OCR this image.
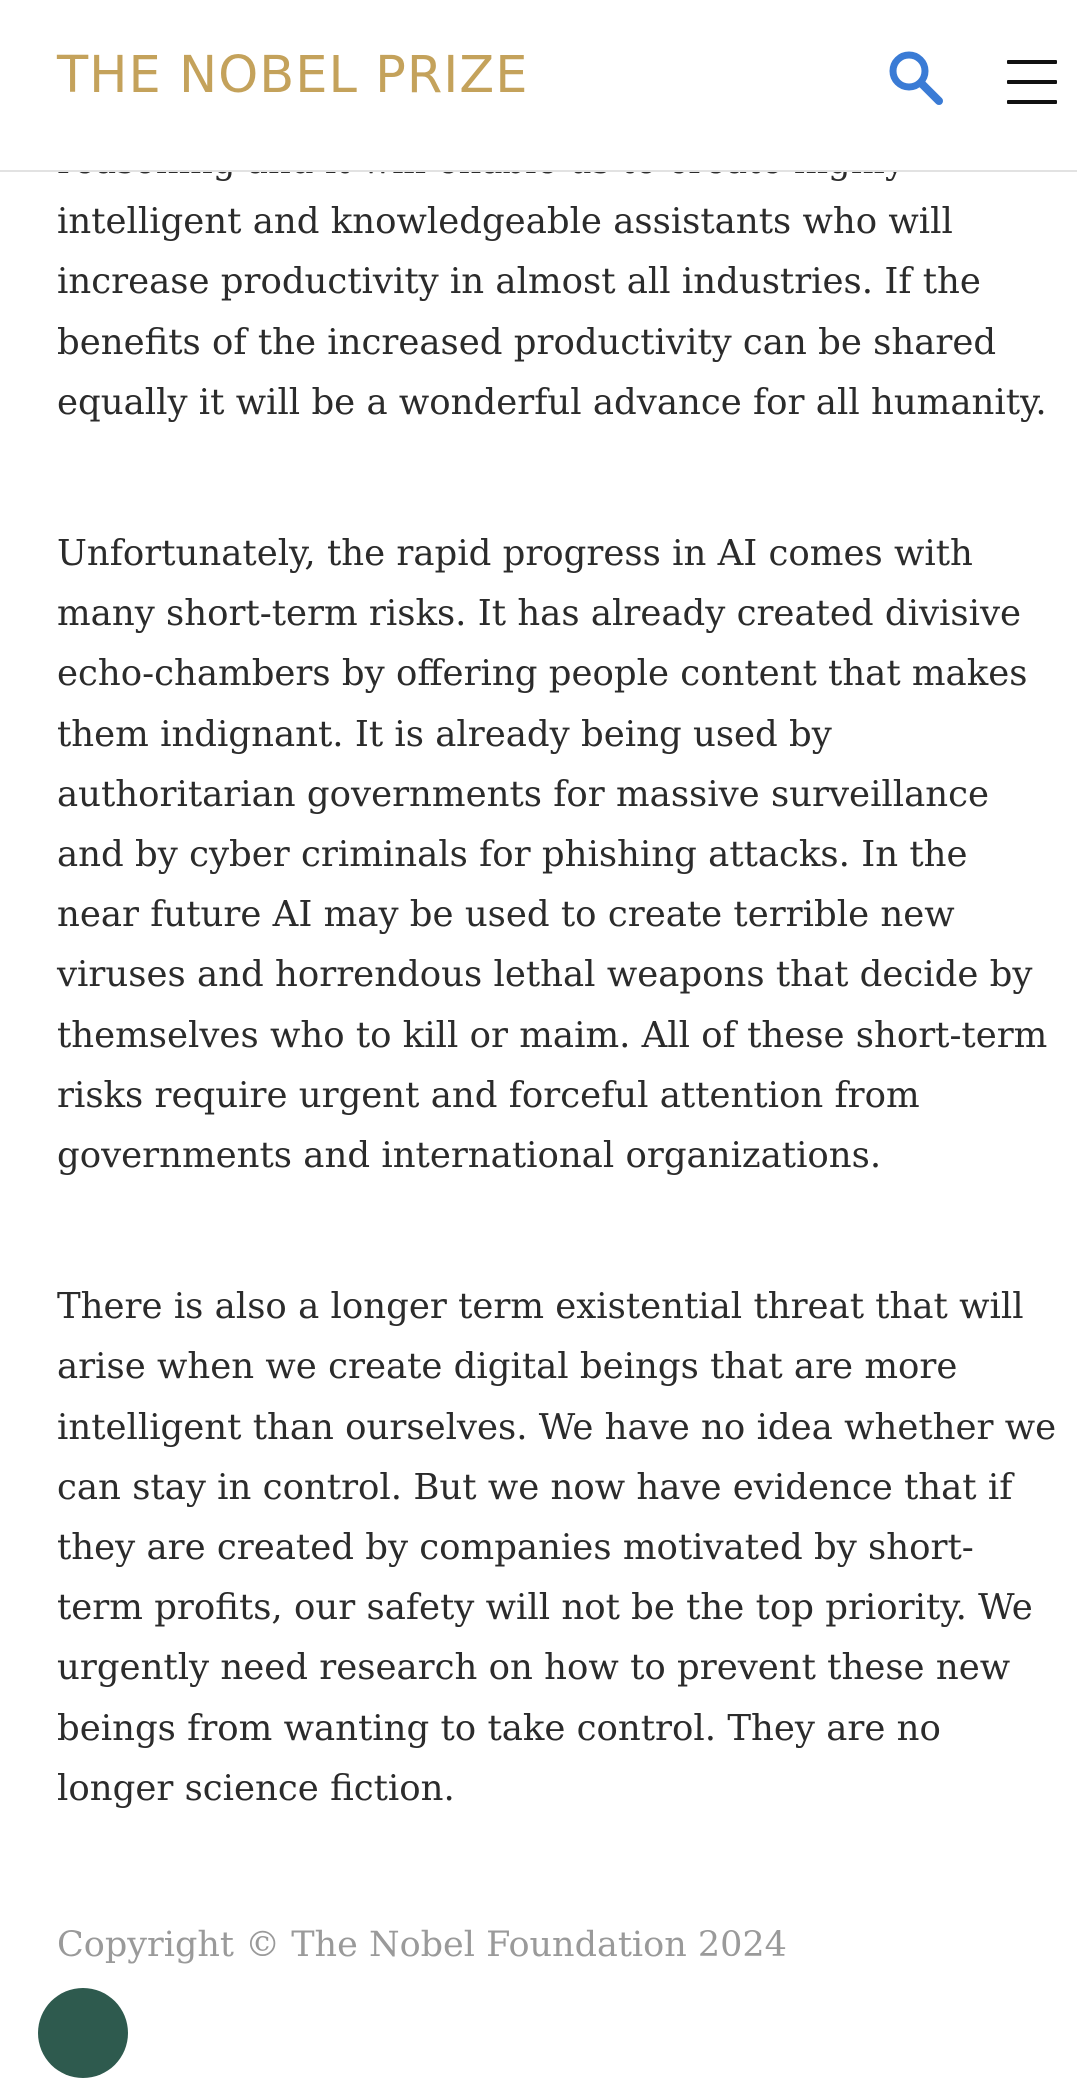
THE NOBEL PRIZE

intelligent and knowledgeable assistants who will increase productivity in almost all industries. If the benefits of the increased productivity can be shared equally it will be a wonderful advance for all humanity.

Unfortunately, the rapid progress in AI comes with many short-term risks. It has already created divisive echo-chambers by offering people content that makes them indignant. It is already being used by authoritarian governments for massive surveillance and by cyber criminals for phishing attacks. In the near future AI may be used to create terrible new viruses and horrendous lethal weapons that decide by themselves who to kill or maim. All of these short-term risks require urgent and forceful attention from governments and international organizations.

There is also a longer term existential threat that will arise when we create digital beings that are more intelligent than ourselves. We have no idea whether we can stay in control. But we now have evidence that if they are created by companies motivated by short-term profits, our safety will not be the top priority. We urgently need research on how to prevent these new beings from wanting to take control. They are no longer science fiction.

Copyright © The Nobel Foundation 2024
